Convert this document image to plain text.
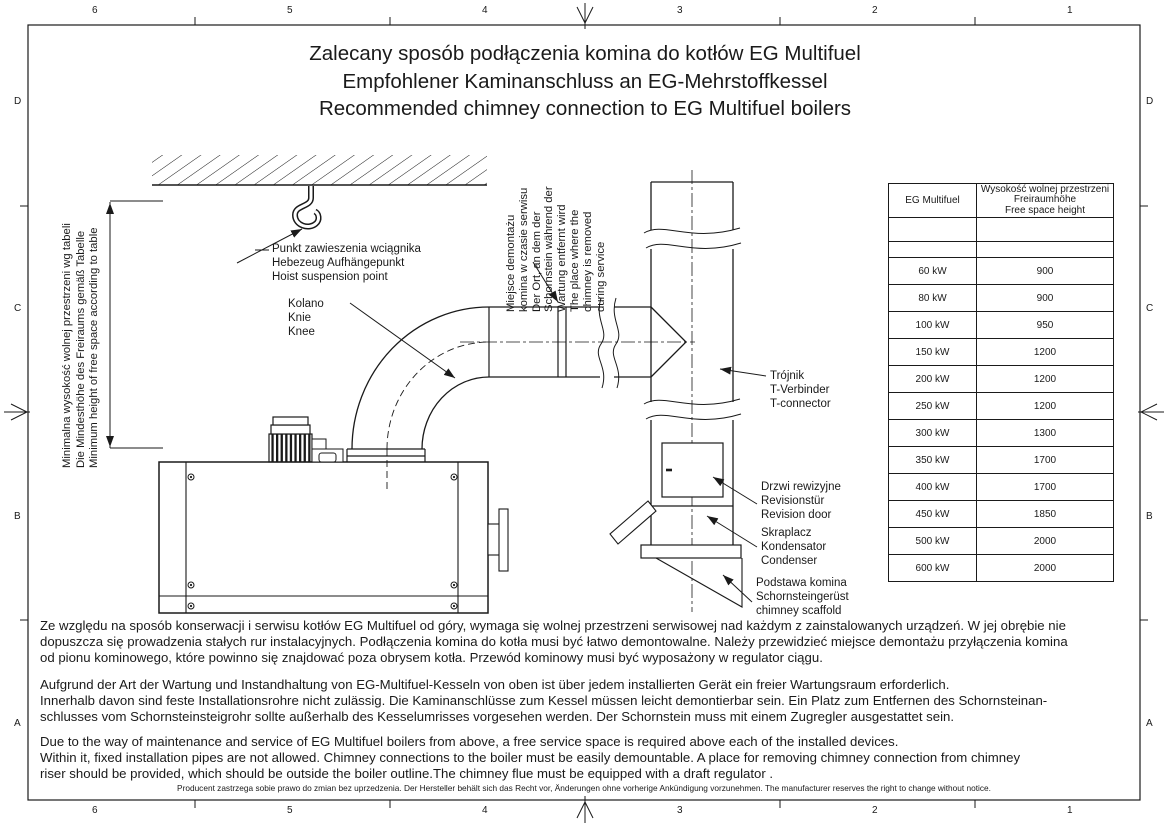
6	5	4	3	2	1
6	5	4	3	2	1
D
C
B
A
D
C
B
A
Zalecany sposób podłączenia komina do kotłów EG Multifuel
Empfohlener Kaminanschluss an EG-Mehrstoffkessel
Recommended chimney connection to EG Multifuel boilers
Minimalna wysokość wolnej przestrzeni wg tabeli Die Mindesthöhe des Freiraums gemäß Tabelle Minimum height of free space according to table	Miejsce demontażu komina w czasie serwisu Der Ort, an dem der Schornstein während der Wartung entfernt wird The place where the chimney is removed during service
Punkt zawieszenia wciągnika
Hebezeug Aufhängepunkt
Hoist suspension point
Kolano
Knie
Knee
Trójnik
T-Verbinder
T-connector
Drzwi rewizyjne
Revisionstür
Revision door
Skraplacz
Kondensator
Condenser
Podstawa komina
Schornsteingerüst
chimney scaffold
EG Multifuel	Wysokość wolnej przestrzeni
Freiraumhöhe
Free space height

60 kW	900
80 kW	900
100 kW	950
150 kW	1200
200 kW	1200
250 kW	1200
300 kW	1300
350 kW	1700
400 kW	1700
450 kW	1850
500 kW	2000
600 kW	2000
Ze względu na sposób konserwacji i serwisu kotłów EG Multifuel od góry, wymaga się wolnej przestrzeni serwisowej nad każdym z zainstalowanych urządzeń. W jej obrębie nie
dopuszcza się prowadzenia stałych rur instalacyjnych. Podłączenia komina do kotła musi być łatwo demontowalne. Należy przewidzieć miejsce demontażu przyłączenia komina
od pionu kominowego, które powinno się znajdować poza obrysem kotła. Przewód kominowy musi być wyposażony w regulator ciągu.
Aufgrund der Art der Wartung und Instandhaltung von EG-Multifuel-Kesseln von oben ist über jedem installierten Gerät ein freier Wartungsraum erforderlich.
Innerhalb davon sind feste Installationsrohre nicht zulässig. Die Kaminanschlüsse zum Kessel müssen leicht demontierbar sein. Ein Platz zum Entfernen des Schornsteinan-
schlusses vom Schornsteinsteigrohr sollte außerhalb des Kesselumrisses vorgesehen werden. Der Schornstein muss mit einem Zugregler ausgestattet sein.
Due to the way of maintenance and service of EG Multifuel boilers from above, a free service space is required above each of the installed devices.
Within it, fixed installation pipes are not allowed. Chimney connections to the boiler must be easily demountable. A place for removing chimney connection from chimney
riser should be provided, which should be outside the boiler outline.The chimney flue must be equipped with a draft regulator .
Producent zastrzega sobie prawo do zmian bez uprzedzenia. Der Hersteller behält sich das Recht vor, Änderungen ohne vorherige Ankündigung vorzunehmen. The manufacturer reserves the right to change without notice.
